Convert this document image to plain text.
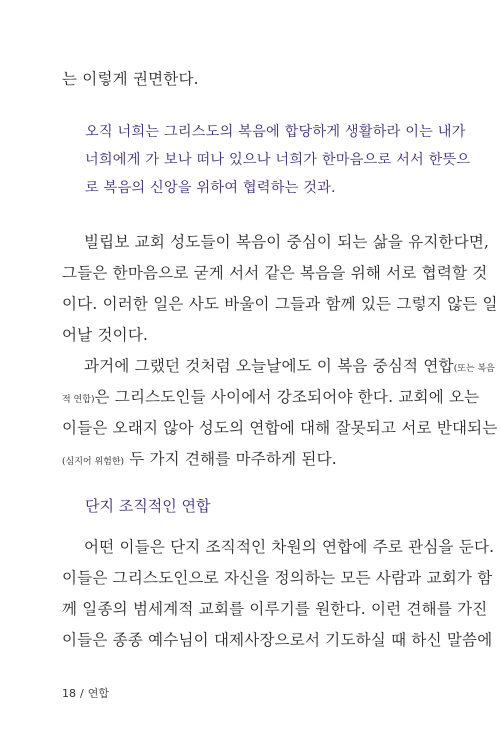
는 이렇게 권면한다.
오직 너희는 그리스도의 복음에 합당하게 생활하라 이는 내가
너희에게 가 보나 떠나 있으나 너희가 한마음으로 서서 한뜻으
로 복음의 신앙을 위하여 협력하는 것과.
빌립보 교회 성도들이 복음이 중심이 되는 삶을 유지한다면,
그들은 한마음으로 굳게 서서 같은 복음을 위해 서로 협력할 것
이다. 이러한 일은 사도 바울이 그들과 함께 있든 그렇지 않든 일
어날 것이다.
과거에 그랬던 것처럼 오늘날에도 이 복음 중심적 연합(또는 복음
적 연합)은 그리스도인들 사이에서 강조되어야 한다. 교회에 오는
이들은 오래지 않아 성도의 연합에 대해 잘못되고 서로 반대되는
(심지어 위험한) 두 가지 견해를 마주하게 된다.
단지 조직적인 연합
어떤 이들은 단지 조직적인 차원의 연합에 주로 관심을 둔다.
이들은 그리스도인으로 자신을 정의하는 모든 사람과 교회가 함
께 일종의 범세계적 교회를 이루기를 원한다. 이런 견해를 가진
이들은 종종 예수님이 대제사장으로서 기도하실 때 하신 말씀에
18 / 연합
